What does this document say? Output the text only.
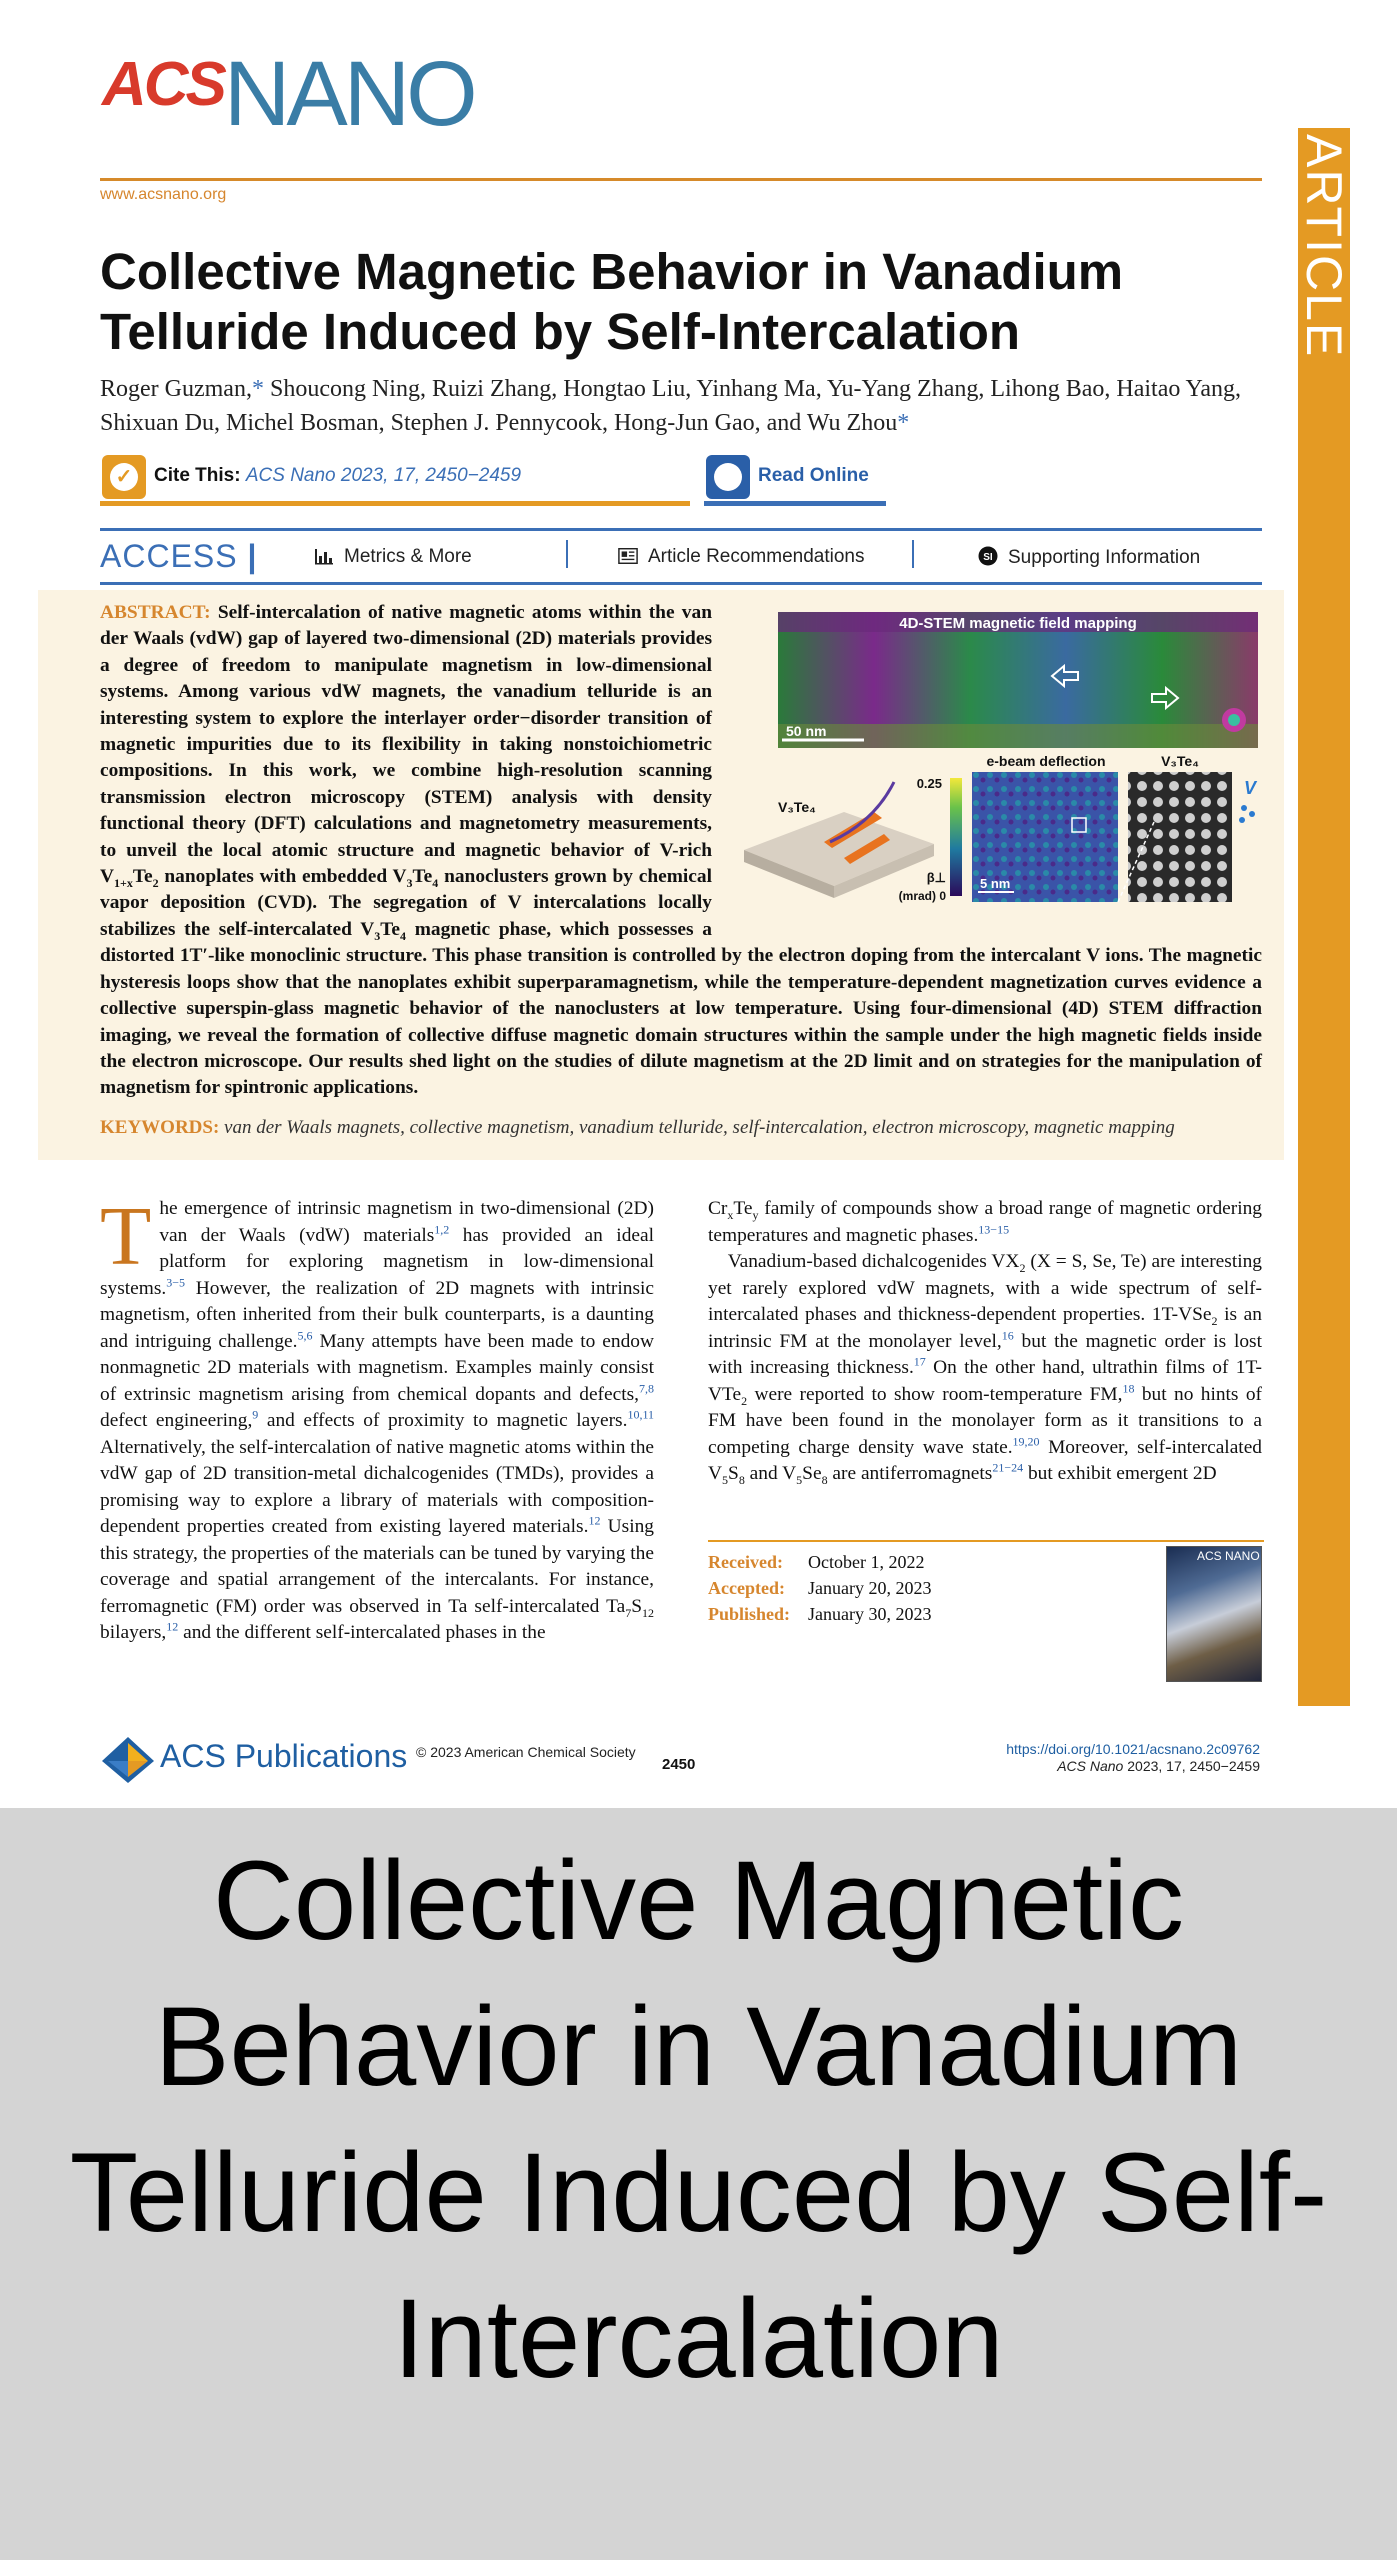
ACSNANO
www.acsnano.org	ARTICLE
Collective Magnetic Behavior in Vanadium Telluride Induced by Self-Intercalation
Roger Guzman,* Shoucong Ning, Ruizi Zhang, Hongtao Liu, Yinhang Ma, Yu-Yang Zhang, Lihong Bao, Haitao Yang, Shixuan Du, Michel Bosman, Stephen J. Pennycook, Hong-Jun Gao, and Wu Zhou*
✓ Cite This: ACS Nano 2023, 17, 2450−2459	Read Online
ACCESS |	Metrics & More	Article Recommendations	SI Supporting Information
4D-STEM magnetic field mapping
50 nm
V₃Te₄
0.25
β⊥
(mrad) 0
e-beam deflection
5 nm
V₃Te₄
V
ABSTRACT: Self-intercalation of native magnetic atoms within the van der Waals (vdW) gap of layered two-dimensional (2D) materials provides a degree of freedom to manipulate magnetism in low-dimensional systems. Among various vdW magnets, the vanadium telluride is an interesting system to explore the interlayer order−disorder transition of magnetic impurities due to its flexibility in taking nonstoichiometric compositions. In this work, we combine high-resolution scanning transmission electron microscopy (STEM) analysis with density functional theory (DFT) calculations and magnetometry measurements, to unveil the local atomic structure and magnetic behavior of V-rich $V_{1+x}Te_2$ nanoplates with embedded $V_3Te_4$ nanoclusters grown by chemical vapor deposition (CVD). The segregation of V intercalations locally stabilizes the self-intercalated $V_3Te_4$ magnetic phase, which possesses a distorted 1T′-like monoclinic structure. This phase transition is controlled by the electron doping from the intercalant V ions. The magnetic hysteresis loops show that the nanoplates exhibit superparamagnetism, while the temperature-dependent magnetization curves evidence a collective superspin-glass magnetic behavior of the nanoclusters at low temperature. Using four-dimensional (4D) STEM diffraction imaging, we reveal the formation of collective diffuse magnetic domain structures within the sample under the high magnetic fields inside the electron microscope. Our results shed light on the studies of dilute magnetism at the 2D limit and on strategies for the manipulation of magnetism for spintronic applications.
KEYWORDS: van der Waals magnets, collective magnetism, vanadium telluride, self-intercalation, electron microscopy, magnetic mapping
The emergence of intrinsic magnetism in two-dimensional (2D) van der Waals (vdW) materials$^{1,2}$ has provided an ideal platform for exploring magnetism in low-dimensional systems.$^{3-5}$ However, the realization of 2D magnets with intrinsic magnetism, often inherited from their bulk counterparts, is a daunting and intriguing challenge.$^{5,6}$ Many attempts have been made to endow nonmagnetic 2D materials with magnetism. Examples mainly consist of extrinsic magnetism arising from chemical dopants and defects,$^{7,8}$ defect engineering,$^9$ and effects of proximity to magnetic layers.$^{10,11}$ Alternatively, the self-intercalation of native magnetic atoms within the vdW gap of 2D transition-metal dichalcogenides (TMDs), provides a promising way to explore a library of materials with composition-dependent properties created from existing layered materials.$^{12}$ Using this strategy, the properties of the materials can be tuned by varying the coverage and spatial arrangement of the intercalants. For instance, ferromagnetic (FM) order was observed in Ta self-intercalated $Ta_7S_{12}$ bilayers,$^{12}$ and the different self-intercalated phases in the
$Cr_xTe_y$ family of compounds show a broad range of magnetic ordering temperatures and magnetic phases.$^{13-15}$
Vanadium-based dichalcogenides $VX_2$ (X = S, Se, Te) are interesting yet rarely explored vdW magnets, with a wide spectrum of self-intercalated phases and thickness-dependent properties. 1T-VSe$_2$ is an intrinsic FM at the monolayer level,$^{16}$ but the magnetic order is lost with increasing thickness.$^{17}$ On the other hand, ultrathin films of 1T-VTe$_2$ were reported to show room-temperature FM,$^{18}$ but no hints of FM have been found in the monolayer form as it transitions to a competing charge density wave state.$^{19,20}$ Moreover, self-intercalated $V_5S_8$ and $V_5Se_8$ are antiferromagnets$^{21-24}$ but exhibit emergent 2D
Received: October 1, 2022
Accepted: January 20, 2023
Published: January 30, 2023
ACS NANO
ACS Publications © 2023 American Chemical Society
2450
https://doi.org/10.1021/acsnano.2c09762
ACS Nano 2023, 17, 2450−2459
Collective Magnetic Behavior in Vanadium Telluride Induced by Self-Intercalation
